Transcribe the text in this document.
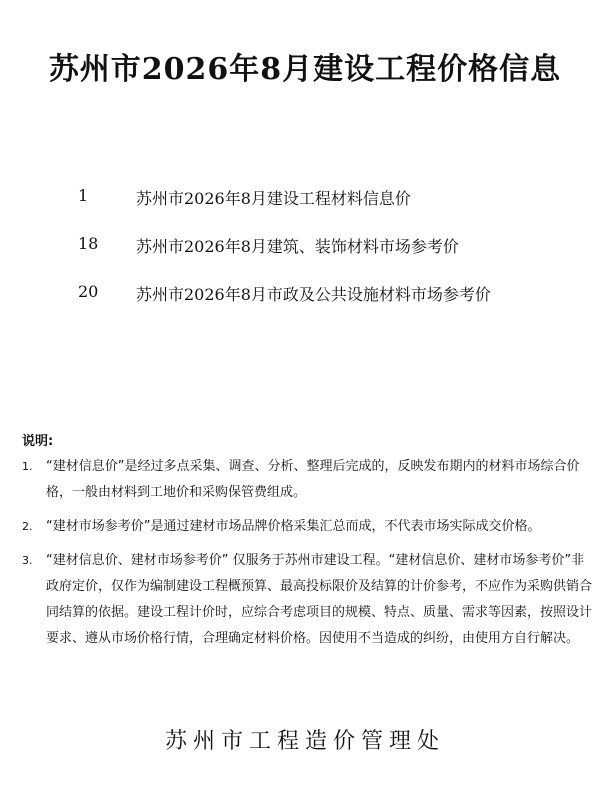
苏州市2026年8月建设工程价格信息
1	苏州市2026年8月建设工程材料信息价
18	苏州市2026年8月建筑、装饰材料市场参考价
20	苏州市2026年8月市政及公共设施材料市场参考价
说明:
1.	“建材信息价”是经过多点采集、调查、分析、整理后完成的，反映发布期内的材料市场综合价格，一般由材料到工地价和采购保管费组成。
2.	“建材市场参考价”是通过建材市场品牌价格采集汇总而成，不代表市场实际成交价格。
3.	“建材信息价、建材市场参考价” 仅服务于苏州市建设工程。“建材信息价、建材市场参考价”非政府定价，仅作为编制建设工程概预算、最高投标限价及结算的计价参考，不应作为采购供销合同结算的依据。建设工程计价时，应综合考虑项目的规模、特点、质量、需求等因素，按照设计要求、遵从市场价格行情，合理确定材料价格。因使用不当造成的纠纷，由使用方自行解决。
苏州市工程造价管理处
